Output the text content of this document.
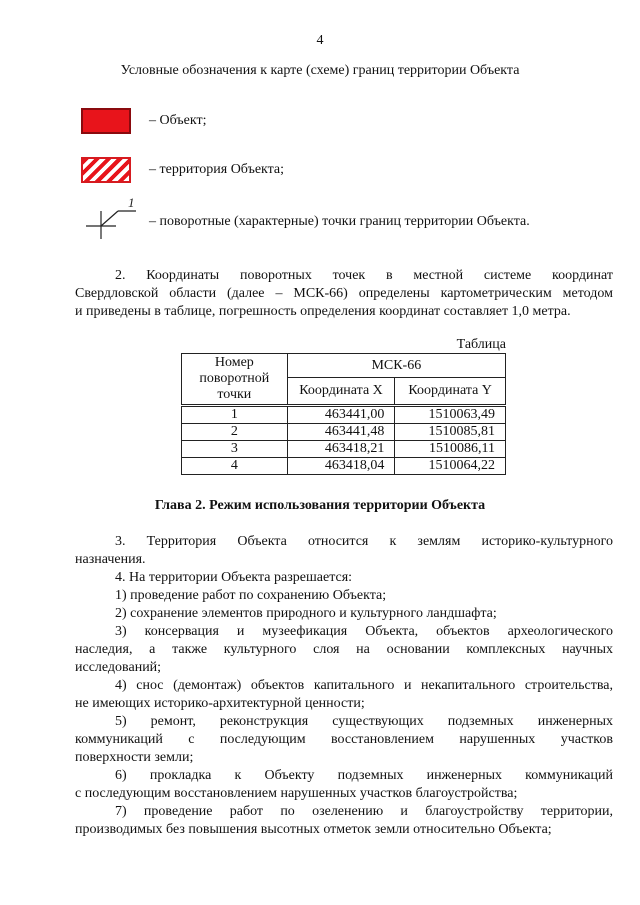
4
Условные обозначения к карте (схеме) границ территории Объекта
– Объект;
– территория Объекта;
1
– поворотные (характерные) точки границ территории Объекта.
2. Координаты поворотных точек в местной системе координат
Свердловской области (далее – МСК-66) определены картометрическим методом
и приведены в таблице, погрешность определения координат составляет 1,0 метра.
Таблица
Номер поворотной точки	МСК-66	
	Координата X	Координата Y
1	463441,00	1510063,49
2	463441,48	1510085,81
3	463418,21	1510086,11
4	463418,04	1510064,22
Глава 2. Режим использования территории Объекта
3. Территория Объекта относится к землям историко-культурного
назначения.
4. На территории Объекта разрешается:
1) проведение работ по сохранению Объекта;
2) сохранение элементов природного и культурного ландшафта;
3) консервация и музеефикация Объекта, объектов археологического
наследия, а также культурного слоя на основании комплексных научных
исследований;
4) снос (демонтаж) объектов капитального и некапитального строительства,
не имеющих историко-архитектурной ценности;
5) ремонт, реконструкция существующих подземных инженерных
коммуникаций с последующим восстановлением нарушенных участков
поверхности земли;
6) прокладка к Объекту подземных инженерных коммуникаций
с последующим восстановлением нарушенных участков благоустройства;
7) проведение работ по озеленению и благоустройству территории,
производимых без повышения высотных отметок земли относительно Объекта;
